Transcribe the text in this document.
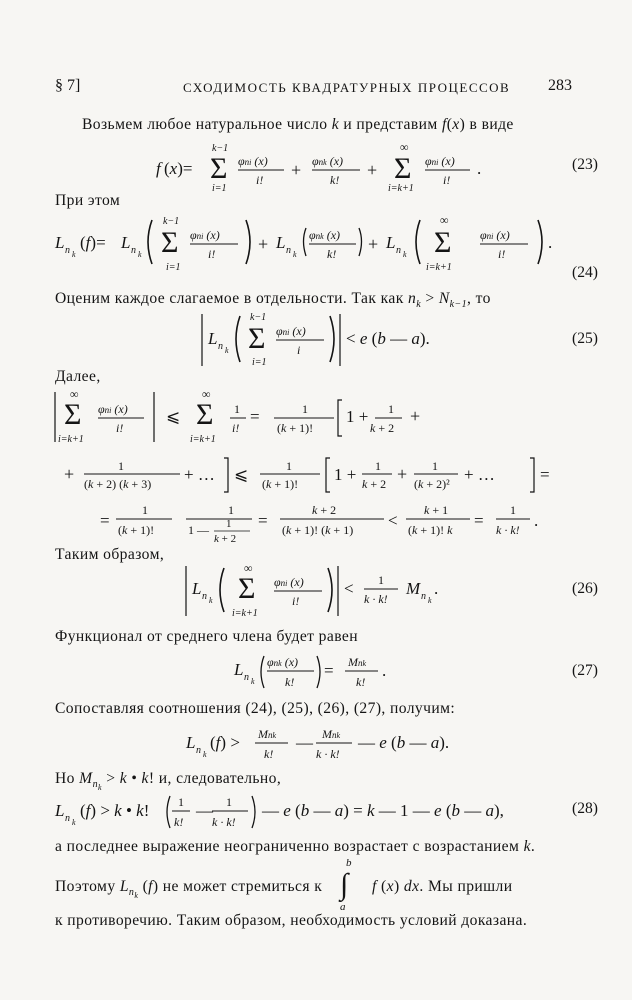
§ 7]	СХОДИМОСТЬ КВАДРАТУРНЫХ ПРОЦЕССОВ 283
Возьмем любое натуральное число k и представим f(x) в виде
f (x)= Σ
k−1
i=1
φni (x)
i! + φnk (x)
k! + Σ
∞
i=k+1
φni (x)
i!
.	(23)
При этом
L n k
(f)= L n k Σ
k−1
i=1
φni (x)
i! + L n k
φnk (x)
k! + L n k Σ
∞
i=k+1
φni (x)
i!
.
(24)
Оценим каждое слагаемое в отдельности. Так как $n_k > N_{k-1}$, то
L n k Σ
k−1
i=1
φni (x)
i
< e (b — a).	(25)
Далее,
Σ
∞
i=k+1
φni (x)
i!
⩽ Σ
∞
i=k+1
1
i!
=	1
(k + 1)!
1 + 1
k + 2
+
+	1
(k + 2) (k + 3) + … ⩽	1
(k + 1)! 1 + 1
k + 2 + 1
(k + 2)² + …	=
=
1
(k + 1)!
1
1 — 1
k + 2
=
k + 2
(k + 1)! (k + 1) <
k + 1
(k + 1)! k =
1
k · k! .
Таким образом,
L n k Σ
∞
i=k+1
φni (x)
i!
< 1
k · k!
M n k
.	(26)
Функционал от среднего члена будет равен
L n k
φnk (x)
k!
= Mnk
k!
.	(27)
Сопоставляя соотношения (24), (25), (26), (27), получим:
L n k
(f) > Mnk
k!
— Mnk
k · k!
— e (b — a).
Но $M_{n_k} > k$ • k! и, следовательно,
L n k
(f) > k • k! 1
k!
— 1
k · k!
— e (b — a) = k — 1 — e (b — a),	(28)
а последнее выражение неограниченно возрастает с возрастанием k.
Поэтому $L_{n_k}$ (f) не может стремиться к
b
∫
a
f (x) dx. Мы пришли
к противоречию. Таким образом, необходимость условий доказана.
